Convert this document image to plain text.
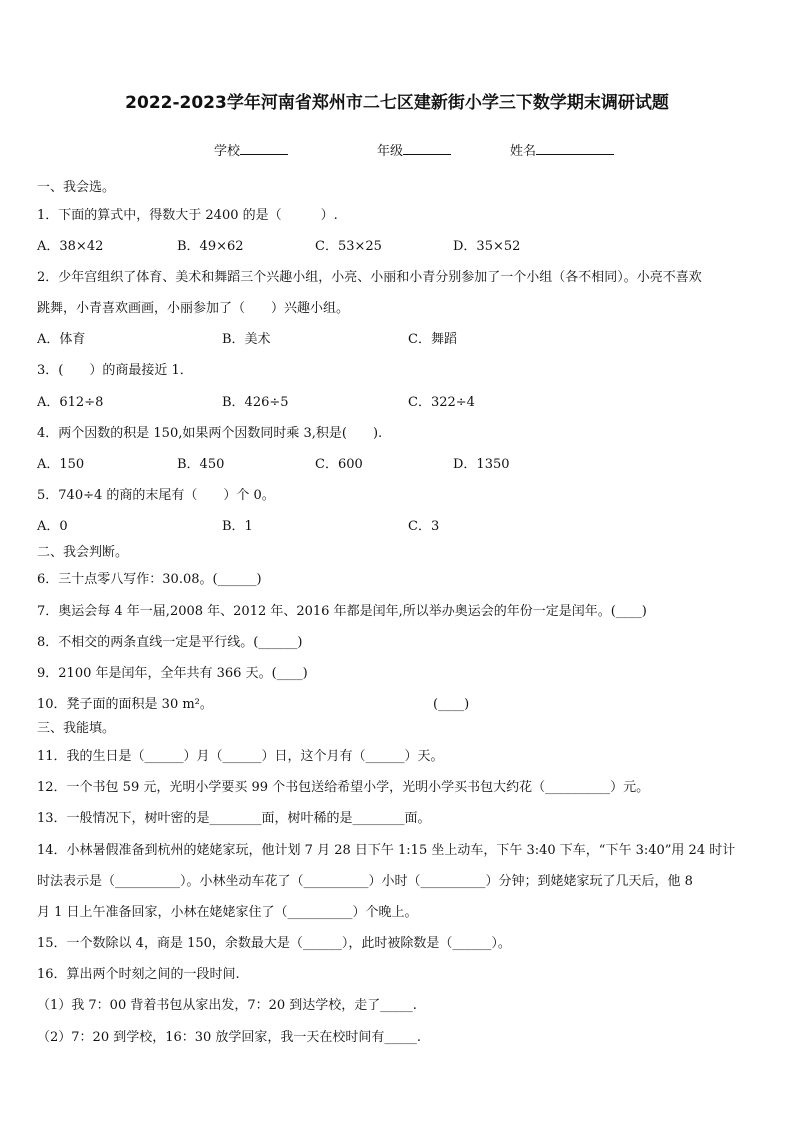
2022-2023学年河南省郑州市二七区建新街小学三下数学期末调研试题
学校	年级	姓名
一、我会选。
1．下面的算式中，得数大于 2400 的是（　　　）.
A．38×42	B．49×62	C．53×25	D．35×52
2．少年宫组织了体育、美术和舞蹈三个兴趣小组，小亮、小丽和小青分别参加了一个小组（各不相同）。小亮不喜欢
跳舞，小青喜欢画画，小丽参加了（　　）兴趣小组。
A．体育	B．美术	C．舞蹈
3．(　　）的商最接近 1．
A．612÷8	B．426÷5	C．322÷4
4．两个因数的积是 150,如果两个因数同时乘 3,积是(　　).
A．150	B．450	C．600	D．1350
5．740÷4 的商的末尾有（　　）个 0。
A．0	B．1	C．3
二、我会判断。
6．三十点零八写作：30.08。(______)
7．奥运会每 4 年一届,2008 年、2012 年、2016 年都是闰年,所以举办奥运会的年份一定是闰年。(____)
8．不相交的两条直线一定是平行线。(______)
9．2100 年是闰年，全年共有 366 天。(____)
10．凳子面的面积是 30 m²。	(____)
三、我能填。
11．我的生日是（______）月（______）日，这个月有（______）天。
12．一个书包 59 元，光明小学要买 99 个书包送给希望小学，光明小学买书包大约花（__________）元。
13．一般情况下，树叶密的是________面，树叶稀的是________面。
14．小林暑假准备到杭州的姥姥家玩，他计划 7 月 28 日下午 1:15 坐上动车，下午 3:40 下车，“下午 3:40”用 24 时计
时法表示是（__________）。小林坐动车花了（__________）小时（__________）分钟；到姥姥家玩了几天后，他 8
月 1 日上午准备回家，小林在姥姥家住了（__________）个晚上。
15．一个数除以 4，商是 150，余数最大是（______），此时被除数是（______）。
16．算出两个时刻之间的一段时间.
（1）我 7：00 背着书包从家出发，7：20 到达学校，走了_____.
（2）7：20 到学校，16：30 放学回家，我一天在校时间有_____.
